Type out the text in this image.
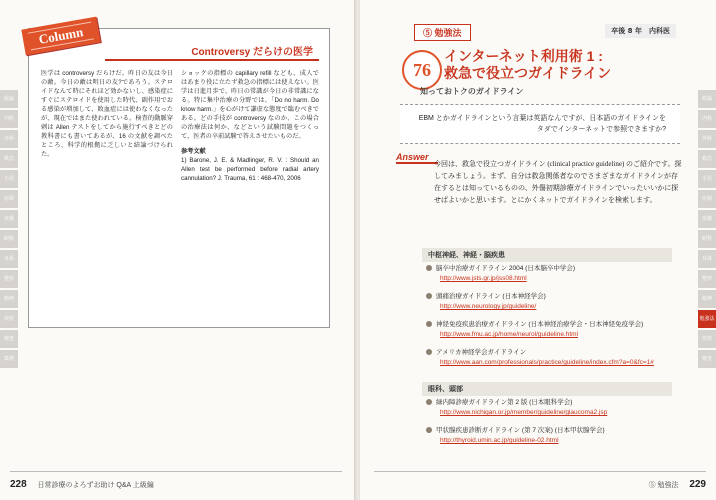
総論
内科
外科
救急
小児
産婦
皮膚
眼科
耳鼻
整形
精神
放射
検査
薬剤
Column
Controversy だらけの医学
医学は controversy だらけだ。昨日の友は今日の敵。今日の敵は明日の友?であろう。ステロイドなんて時にそれほど効かないし、感染症にすぐにステロイドを使用した時代、副作用でおる感染が増加して、敗血症には使わなくなったが、現在ではまた使われている。検査的動脈穿刺は Allen テストをしてから施行すべきとどの教科書にも書いてあるが、16 の文献を調べたところ、科学的根拠に乏しいと結論づけられた。
ショックの指標の capillary refill なども、成人ではあまり役に立たず救急の指標には使えない。医学は日進月歩で、昨日の常識が今日の非常識になる。特に集中治療の分野では、「Do no harm. Do know harm.」を心がけて謙虚な態度で臨むべきである。どの手技が controversy なのか、この場合の治療法は何か、などという試験問題をつくって、医者の卒前試験で答えさせたいものだ。
参考文献
1) Barone, J. E. & Madlinger, R. V. : Should an Allen test be performed before radial artery cannulation? J. Trauma, 61 : 468-470, 2006
228 日常診療のよろずお助け Q&A 上級編
⑤ 勉強法	卒後 8 年　内科医
76
インターネット利用術 1 :
救急で役立つガイドライン
知っておトクのガイドライン
EBM とかガイドラインという言葉は英語なんですが、日本語のガイドラインをタダでインターネットで参照できますか?
Answer
今回は、救急で役立つガイドライン (clinical practice guideline) のご紹介です。探してみましょう。まず、自分は救急関係者なのでさまざまなガイドラインが存在するとは知っているものの、外傷初期診療ガイドラインでいったいいかに探せばよいかと思います。とにかくネットでガイドラインを検索します。
中枢神経、神経・脳疾患
脳卒中治療ガイドライン 2004 (日本脳卒中学会)
http://www.jsts.gr.jp/jss08.html
頭痛治療ガイドライン (日本神経学会)
http://www.neurology.jp/guideline/
神経免疫疾患治療ガイドライン (日本神経治療学会・日本神経免疫学会)
http://www.fmu.ac.jp/home/neurol/guideline.html
アメリカ神経学会ガイドライン
http://www.aan.com/professionals/practice/guideline/index.cfm?a=0&fc=1#
眼科、頭部
緑内障診療ガイドライン第 2 版 (日本眼科学会)
http://www.nichigan.or.jp/member/guideline/glaucoma2.jsp
甲状腺疾患診断ガイドライン (第 7 次案) (日本甲状腺学会)
http://thyroid.umin.ac.jp/guideline-02.html
総論
内科
外科
救急
小児
産婦
皮膚
眼科
耳鼻
整形
精神
勉強法
放射
検査
⑤ 勉強法 229
